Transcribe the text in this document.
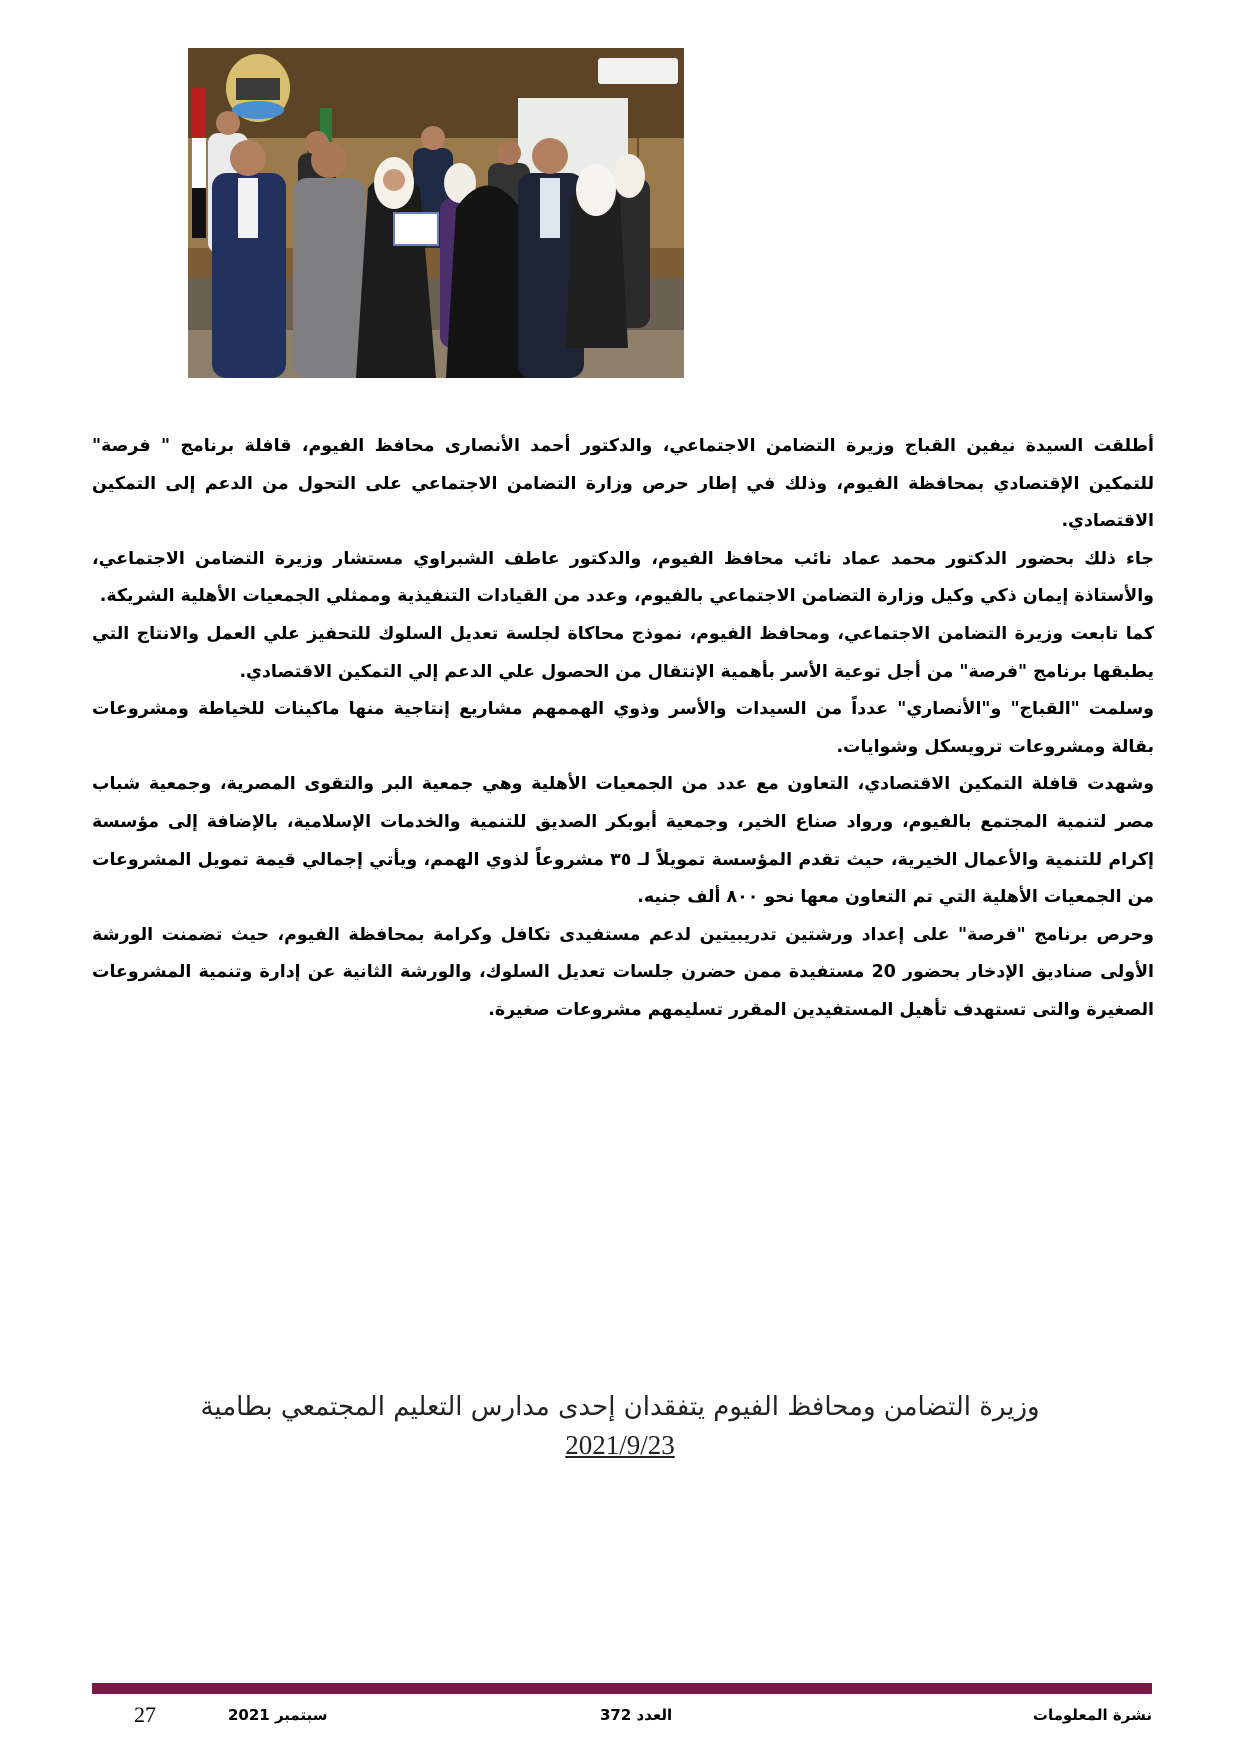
أطلقت السيدة نيفين القباج وزيرة التضامن الاجتماعي، والدكتور أحمد الأنصارى محافظ الفيوم، قافلة برنامج " فرصة" للتمكين الإقتصادي بمحافظة الفيوم، وذلك في إطار حرص وزارة التضامن الاجتماعي على التحول من الدعم إلى التمكين الاقتصادي.

جاء ذلك بحضور الدكتور محمد عماد نائب محافظ الفيوم، والدكتور عاطف الشبراوي مستشار وزيرة التضامن الاجتماعي، والأستاذة إيمان ذكي وكيل وزارة التضامن الاجتماعي بالفيوم، وعدد من القيادات التنفيذية وممثلي الجمعيات الأهلية الشريكة.

كما تابعت وزيرة التضامن الاجتماعي، ومحافظ الفيوم، نموذج محاكاة لجلسة تعديل السلوك للتحفيز علي العمل والانتاج التي يطبقها برنامج "فرصة" من أجل توعية الأسر بأهمية الإنتقال من الحصول علي الدعم إلي التمكين الاقتصادي.

وسلمت "القباج" و"الأنصاري" عدداً من السيدات والأسر وذوي الهممهم مشاريع إنتاجية منها ماكينات للخياطة ومشروعات بقالة ومشروعات ترويسكل وشوايات.

وشهدت قافلة التمكين الاقتصادي، التعاون مع عدد من الجمعيات الأهلية وهي جمعية البر والتقوى المصرية، وجمعية شباب مصر لتنمية المجتمع بالفيوم، ورواد صناع الخير، وجمعية أبوبكر الصديق للتنمية والخدمات الإسلامية، بالإضافة إلى مؤسسة إكرام للتنمية والأعمال الخيرية، حيث تقدم المؤسسة تمويلاً لـ ٣٥ مشروعاً لذوي الهمم، ويأتي إجمالي قيمة تمويل المشروعات من الجمعيات الأهلية التي تم التعاون معها نحو ٨٠٠ ألف جنيه.

وحرص برنامج "فرصة" على إعداد ورشتين تدريبيتين لدعم مستفيدى تكافل وكرامة بمحافظة الفيوم، حيث تضمنت الورشة الأولى صناديق الإدخار بحضور 20 مستفيدة ممن حضرن جلسات تعديل السلوك، والورشة الثانية عن إدارة وتنمية المشروعات الصغيرة والتى تستهدف تأهيل المستفيدين المقرر تسليمهم مشروعات صغيرة.

وزيرة التضامن ومحافظ الفيوم يتفقدان إحدى مدارس التعليم المجتمعي بطامية
2021/9/23
27	سبتمبر 2021	العدد 372	نشرة المعلومات
